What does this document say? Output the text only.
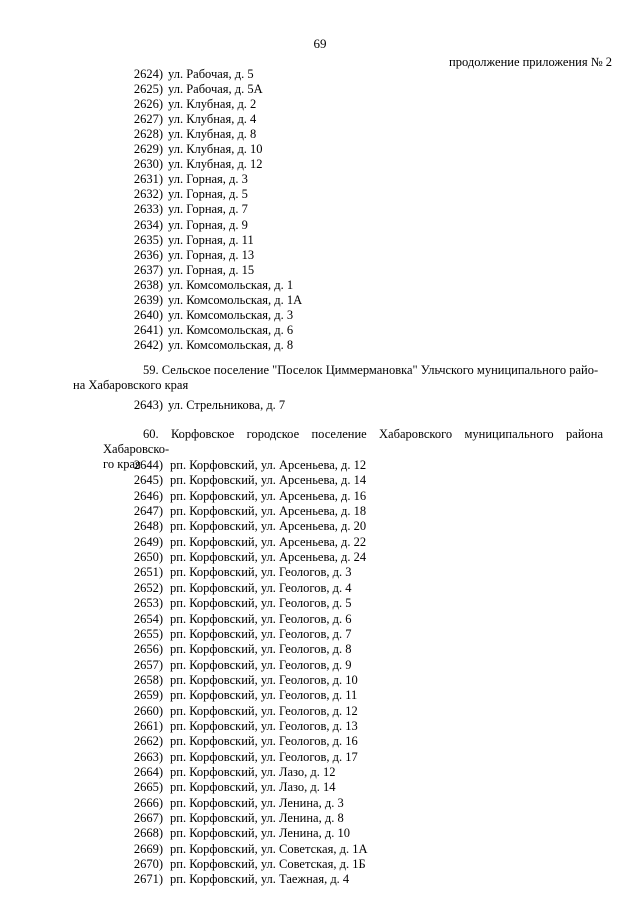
69
продолжение приложения № 2
2624) ул. Рабочая, д. 5
2625) ул. Рабочая, д. 5А
2626) ул. Клубная, д. 2
2627) ул. Клубная, д. 4
2628) ул. Клубная, д. 8
2629) ул. Клубная, д. 10
2630) ул. Клубная, д. 12
2631) ул. Горная, д. 3
2632) ул. Горная, д. 5
2633) ул. Горная, д. 7
2634) ул. Горная, д. 9
2635) ул. Горная, д. 11
2636) ул. Горная, д. 13
2637) ул. Горная, д. 15
2638) ул. Комсомольская, д. 1
2639) ул. Комсомольская, д. 1А
2640) ул. Комсомольская, д. 3
2641) ул. Комсомольская, д. 6
2642) ул. Комсомольская, д. 8
59. Сельское поселение "Поселок Циммермановка" Ульчского муниципального райо-
на Хабаровского края
2643) ул. Стрельникова, д. 7
60. Корфовское городское поселение Хабаровского муниципального района Хабаровско-
го края
2644) рп. Корфовский, ул. Арсеньева, д. 12
2645) рп. Корфовский, ул. Арсеньева, д. 14
2646) рп. Корфовский, ул. Арсеньева, д. 16
2647) рп. Корфовский, ул. Арсеньева, д. 18
2648) рп. Корфовский, ул. Арсеньева, д. 20
2649) рп. Корфовский, ул. Арсеньева, д. 22
2650) рп. Корфовский, ул. Арсеньева, д. 24
2651) рп. Корфовский, ул. Геологов, д. 3
2652) рп. Корфовский, ул. Геологов, д. 4
2653) рп. Корфовский, ул. Геологов, д. 5
2654) рп. Корфовский, ул. Геологов, д. 6
2655) рп. Корфовский, ул. Геологов, д. 7
2656) рп. Корфовский, ул. Геологов, д. 8
2657) рп. Корфовский, ул. Геологов, д. 9
2658) рп. Корфовский, ул. Геологов, д. 10
2659) рп. Корфовский, ул. Геологов, д. 11
2660) рп. Корфовский, ул. Геологов, д. 12
2661) рп. Корфовский, ул. Геологов, д. 13
2662) рп. Корфовский, ул. Геологов, д. 16
2663) рп. Корфовский, ул. Геологов, д. 17
2664) рп. Корфовский, ул. Лазо, д. 12
2665) рп. Корфовский, ул. Лазо, д. 14
2666) рп. Корфовский, ул. Ленина, д. 3
2667) рп. Корфовский, ул. Ленина, д. 8
2668) рп. Корфовский, ул. Ленина, д. 10
2669) рп. Корфовский, ул. Советская, д. 1А
2670) рп. Корфовский, ул. Советская, д. 1Б
2671) рп. Корфовский, ул. Таежная, д. 4
